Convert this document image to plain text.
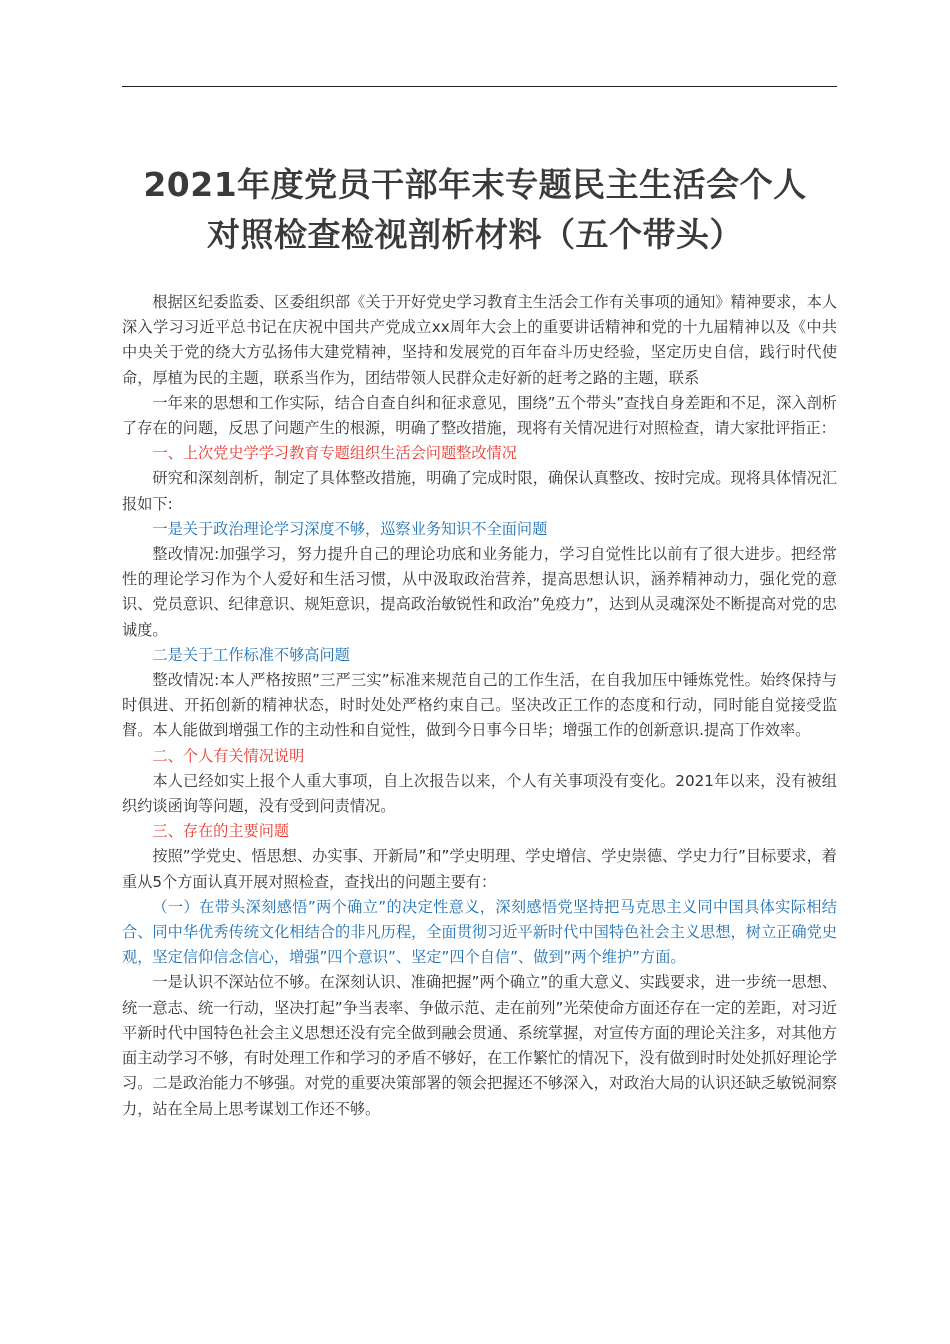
2021年度党员干部年末专题民主生活会个人
对照检查检视剖析材料（五个带头）

根据区纪委监委、区委组织部《关于开好党史学习教育主生活会工作有关事项的通知》精神要求，本人深入学习习近平总书记在庆祝中国共产党成立xx周年大会上的重要讲话精神和党的十九届精神以及《中共中央关于党的绕大方弘扬伟大建党精神，坚持和发展党的百年奋斗历史经验，坚定历史自信，践行时代使命，厚植为民的主题，联系当作为，团结带领人民群众走好新的赶考之路的主题，联系

一年来的思想和工作实际，结合自查自纠和征求意见，围绕”五个带头”查找自身差距和不足，深入剖析了存在的问题，反思了问题产生的根源，明确了整改措施，现将有关情况进行对照检查，请大家批评指正：

一、上次党史学学习教育专题组织生活会问题整改情况

研究和深刻剖析，制定了具体整改措施，明确了完成时限，确保认真整改、按时完成。现将具体情况汇报如下:

一是关于政治理论学习深度不够，巡察业务知识不全面问题

整改情况:加强学习，努力提升自己的理论功底和业务能力，学习自觉性比以前有了很大进步。把经常性的理论学习作为个人爱好和生活习惯，从中汲取政治营养，提高思想认识，涵养精神动力，强化党的意识、党员意识、纪律意识、规矩意识，提高政治敏锐性和政治”免疫力”，达到从灵魂深处不断提高对党的忠诚度。

二是关于工作标准不够高问题

整改情况:本人严格按照”三严三实”标准来规范自己的工作生活，在自我加压中锤炼党性。始终保持与时俱进、开拓创新的精神状态，时时处处严格约束自己。坚决改正工作的态度和行动，同时能自觉接受监督。本人能做到增强工作的主动性和自觉性，做到今日事今日毕；增强工作的创新意识.提高丁作效率。

二、个人有关情况说明

本人已经如实上报个人重大事项，自上次报告以来，个人有关事项没有变化。2021年以来，没有被组织约谈函询等问题，没有受到问责情况。

三、存在的主要问题

按照”学党史、悟思想、办实事、开新局”和”学史明理、学史增信、学史崇德、学史力行”目标要求，着重从5个方面认真开展对照检查，查找出的问题主要有：

（一）在带头深刻感悟”两个确立”的决定性意义，深刻感悟党坚持把马克思主义同中国具体实际相结合、同中华优秀传统文化相结合的非凡历程，全面贯彻习近平新时代中国特色社会主义思想，树立正确党史观，坚定信仰信念信心，增强”四个意识”、坚定”四个自信”、做到”两个维护”方面。

一是认识不深站位不够。在深刻认识、准确把握”两个确立”的重大意义、实践要求，进一步统一思想、统一意志、统一行动，坚决打起”争当表率、争做示范、走在前列”光荣使命方面还存在一定的差距，对习近平新时代中国特色社会主义思想还没有完全做到融会贯通、系统掌握，对宣传方面的理论关注多，对其他方面主动学习不够，有时处理工作和学习的矛盾不够好，在工作繁忙的情况下，没有做到时时处处抓好理论学习。二是政治能力不够强。对党的重要决策部署的领会把握还不够深入，对政治大局的认识还缺乏敏锐洞察力，站在全局上思考谋划工作还不够。
